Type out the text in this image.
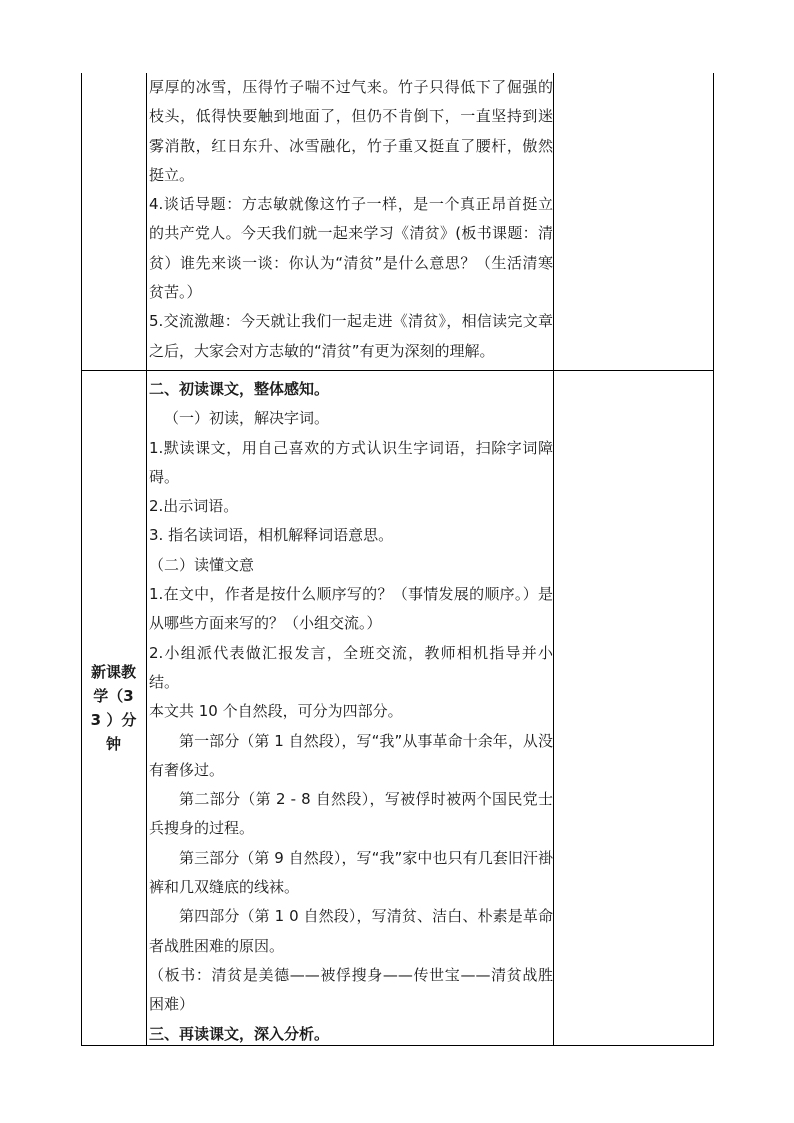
厚厚的冰雪，压得竹子喘不过气来。竹子只得低下了倔强的枝头，低得快要触到地面了，但仍不肯倒下，一直坚持到迷雾消散，红日东升、冰雪融化，竹子重又挺直了腰杆，傲然挺立。

4.谈话导题：方志敏就像这竹子一样，是一个真正昂首挺立的共产党人。今天我们就一起来学习《清贫》(板书课题：清贫）谁先来谈一谈：你认为“清贫”是什么意思？（生活清寒贫苦。）

5.交流激趣：今天就让我们一起走进《清贫》，相信读完文章之后，大家会对方志敏的“清贫”有更为深刻的理解。

新课教学（33 ）分钟

二、初读课文，整体感知。

（一）初读，解决字词。

1.默读课文，用自己喜欢的方式认识生字词语，扫除字词障碍。

2.出示词语。

3. 指名读词语，相机解释词语意思。

（二）读懂文意

1.在文中，作者是按什么顺序写的？（事情发展的顺序。）是从哪些方面来写的？（小组交流。）

2.小组派代表做汇报发言，全班交流，教师相机指导并小结。

本文共 10 个自然段，可分为四部分。

第一部分（第 1 自然段），写“我”从事革命十余年，从没有奢侈过。

第二部分（第 2 - 8 自然段），写被俘时被两个国民党士兵搜身的过程。

第三部分（第 9 自然段），写“我”家中也只有几套旧汗褂裤和几双缝底的线袜。

第四部分（第 1 0 自然段），写清贫、洁白、朴素是革命者战胜困难的原因。

（板书：清贫是美德——被俘搜身——传世宝——清贫战胜困难）

三、再读课文，深入分析。
